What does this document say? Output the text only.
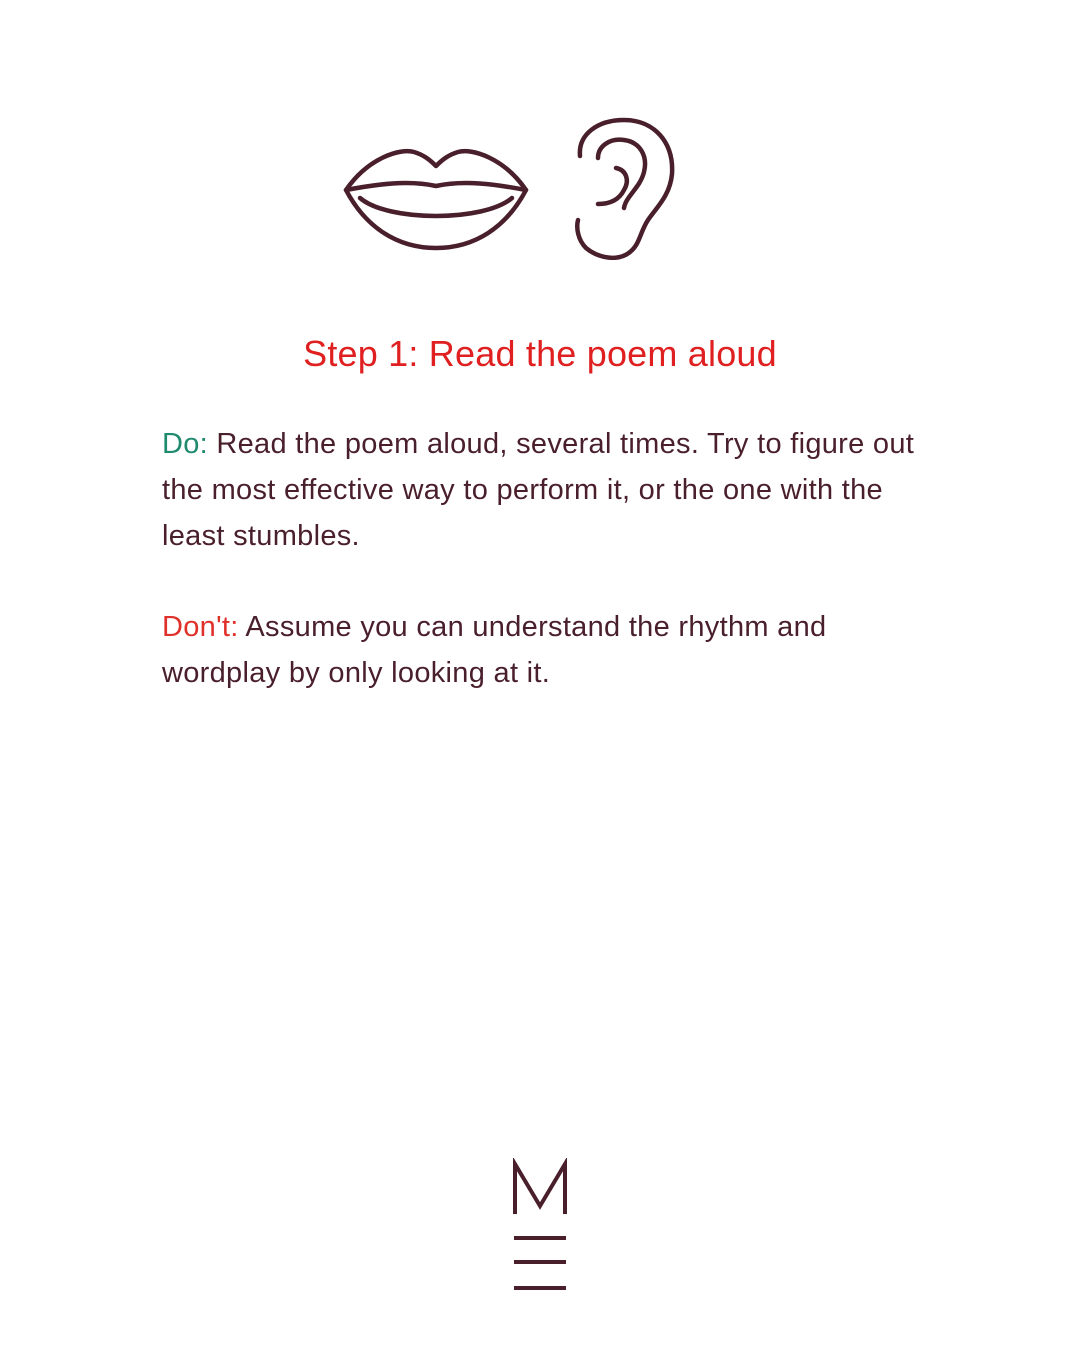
Step 1: Read the poem aloud

Do: Read the poem aloud, several times. Try to figure out the most effective way to perform it, or the one with the least stumbles.

Don't: Assume you can understand the rhythm and wordplay by only looking at it.
